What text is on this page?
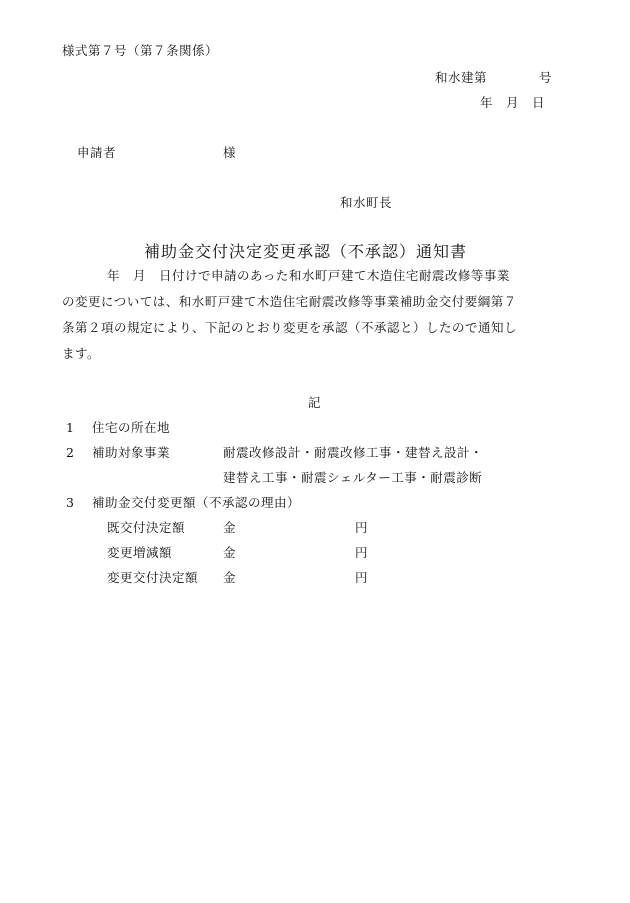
様式第７号（第７条関係）
和水建第　　　　号
年　月　日
申請者	様
和水町長
補助金交付決定変更承認（不承認）通知書
年　月　日付けで申請のあった和水町戸建て木造住宅耐震改修等事業
の変更については、和水町戸建て木造住宅耐震改修等事業補助金交付要綱第７
条第２項の規定により、下記のとおり変更を承認（不承認と）したので通知し
ます。
記
1 住宅の所在地
2 補助対象事業	耐震改修設計・耐震改修工事・建替え設計・
建替え工事・耐震シェルター工事・耐震診断
3 補助金交付変更額（不承認の理由）
既交付決定額	金	円
変更増減額	金	円
変更交付決定額 金	円
